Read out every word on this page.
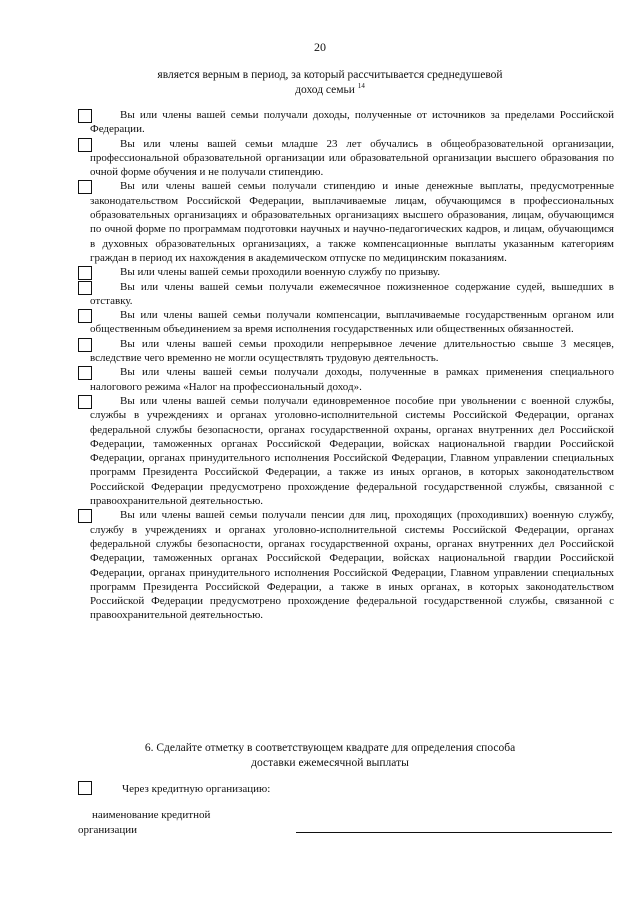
20
является верным в период, за который рассчитывается среднедушевой
доход семьи $^{14}$

Вы или члены вашей семьи получали доходы, полученные от источников за пределами Российской Федерации.

Вы или члены вашей семьи младше 23 лет обучались в общеобразовательной организации, профессиональной образовательной организации или образовательной организации высшего образования по очной форме обучения и не получали стипендию.

Вы или члены вашей семьи получали стипендию и иные денежные выплаты, предусмотренные законодательством Российской Федерации, выплачиваемые лицам, обучающимся в профессиональных образовательных организациях и образовательных организациях высшего образования, лицам, обучающимся по очной форме по программам подготовки научных и научно-педагогических кадров, и лицам, обучающимся в духовных образовательных организациях, а также компенсационные выплаты указанным категориям граждан в период их нахождения в академическом отпуске по медицинским показаниям.

Вы или члены вашей семьи проходили военную службу по призыву.

Вы или члены вашей семьи получали ежемесячное пожизненное содержание судей, вышедших в отставку.

Вы или члены вашей семьи получали компенсации, выплачиваемые государственным органом или общественным объединением за время исполнения государственных или общественных обязанностей.

Вы или члены вашей семьи проходили непрерывное лечение длительностью свыше 3 месяцев, вследствие чего временно не могли осуществлять трудовую деятельность.

Вы или члены вашей семьи получали доходы, полученные в рамках применения специального налогового режима «Налог на профессиональный доход».

Вы или члены вашей семьи получали единовременное пособие при увольнении с военной службы, службы в учреждениях и органах уголовно-исполнительной системы Российской Федерации, органах федеральной службы безопасности, органах государственной охраны, органах внутренних дел Российской Федерации, таможенных органах Российской Федерации, войсках национальной гвардии Российской Федерации, органах принудительного исполнения Российской Федерации, Главном управлении специальных программ Президента Российской Федерации, а также из иных органов, в которых законодательством Российской Федерации предусмотрено прохождение федеральной государственной службы, связанной с правоохранительной деятельностью.

Вы или члены вашей семьи получали пенсии для лиц, проходящих (проходивших) военную службу, службу в учреждениях и органах уголовно-исполнительной системы Российской Федерации, органах федеральной службы безопасности, органах государственной охраны, органах внутренних дел Российской Федерации, таможенных органах Российской Федерации, войсках национальной гвардии Российской Федерации, органах принудительного исполнения Российской Федерации, Главном управлении специальных программ Президента Российской Федерации, а также в иных органах, в которых законодательством Российской Федерации предусмотрено прохождение федеральной государственной службы, связанной с правоохранительной деятельностью.

6. Сделайте отметку в соответствующем квадрате для определения способа
доставки ежемесячной выплаты
Через кредитную организацию:
наименование кредитной
организации
